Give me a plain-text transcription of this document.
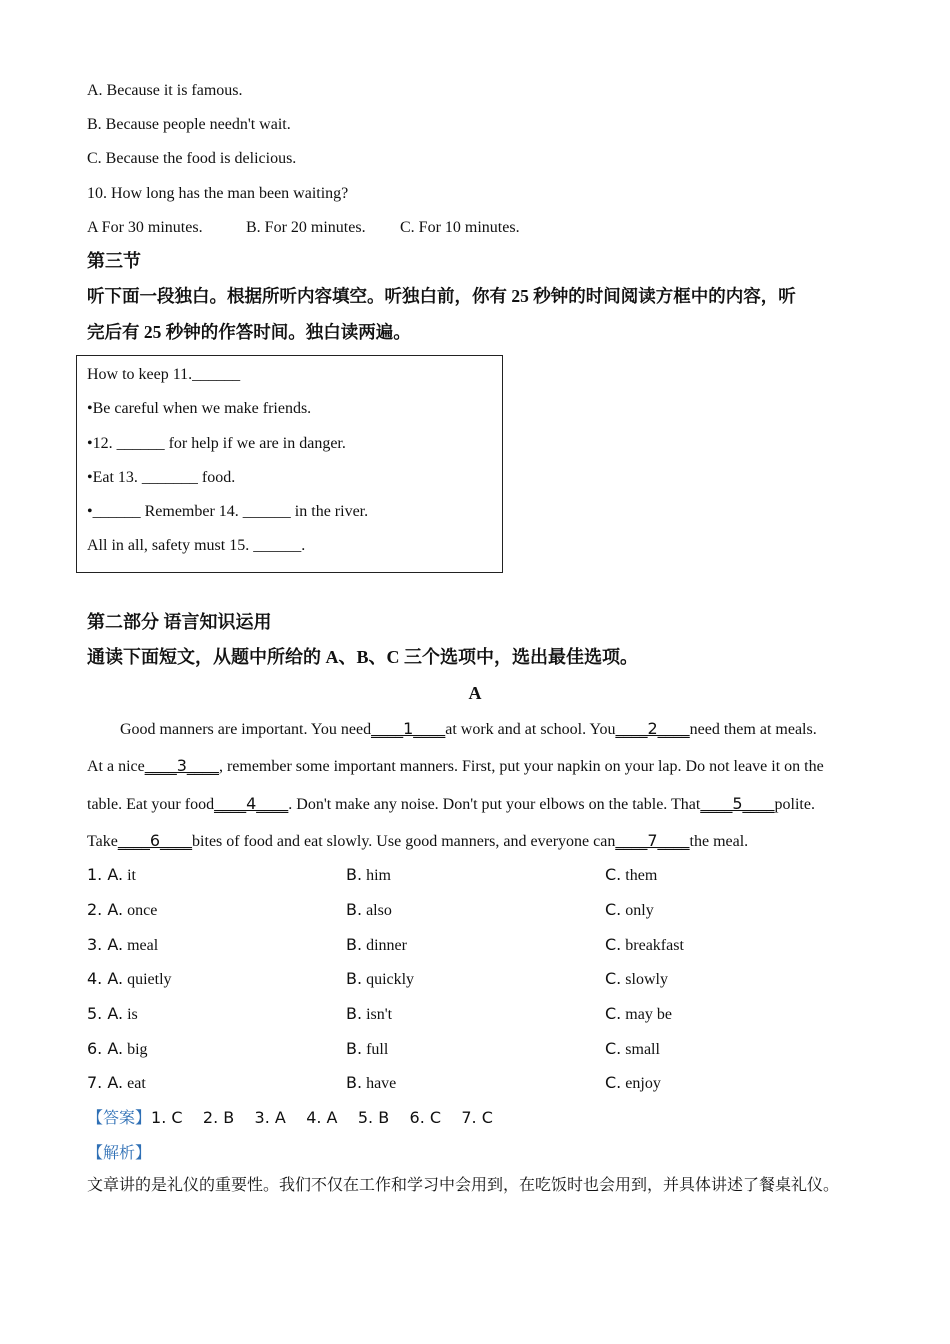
A. Because it is famous.
B. Because people needn't wait.
C. Because the food is delicious.
10. How long has the man been waiting?
A For 30 minutes.	B. For 20 minutes. C. For 10 minutes.
第三节
听下面一段独白。根据所听内容填空。听独白前，你有 25 秒钟的时间阅读方框中的内容，听
完后有 25 秒钟的作答时间。独白读两遍。
How to keep 11.______
•Be careful when we make friends.
•12. ______ for help if we are in danger.
•Eat 13. _______ food.
•______ Remember 14. ______ in the river.
All in all, safety must 15. ______.
第二部分 语言知识运用
通读下面短文，从题中所给的 A、B、C 三个选项中，选出最佳选项。
A
Good manners are important. You need____1____at work and at school. You____2____need them at meals.
At a nice____3____, remember some important manners. First, put your napkin on your lap. Do not leave it on the
table. Eat your food____4____. Don't make any noise. Don't put your elbows on the table. That____5____polite.
Take____6____bites of food and eat slowly. Use good manners, and everyone can____7____the meal.
1. A. it	B. him	C. them
2. A. once	B. also	C. only
3. A. meal	B. dinner	C. breakfast
4. A. quietly	B. quickly	C. slowly
5. A. is	B. isn't	C. may be
6. A. big	B. full	C. small
7. A. eat	B. have	C. enjoy
【答案】1. C    2. B    3. A    4. A    5. B    6. C    7. C
【解析】
文章讲的是礼仪的重要性。我们不仅在工作和学习中会用到，在吃饭时也会用到，并具体讲述了餐桌礼仪。
